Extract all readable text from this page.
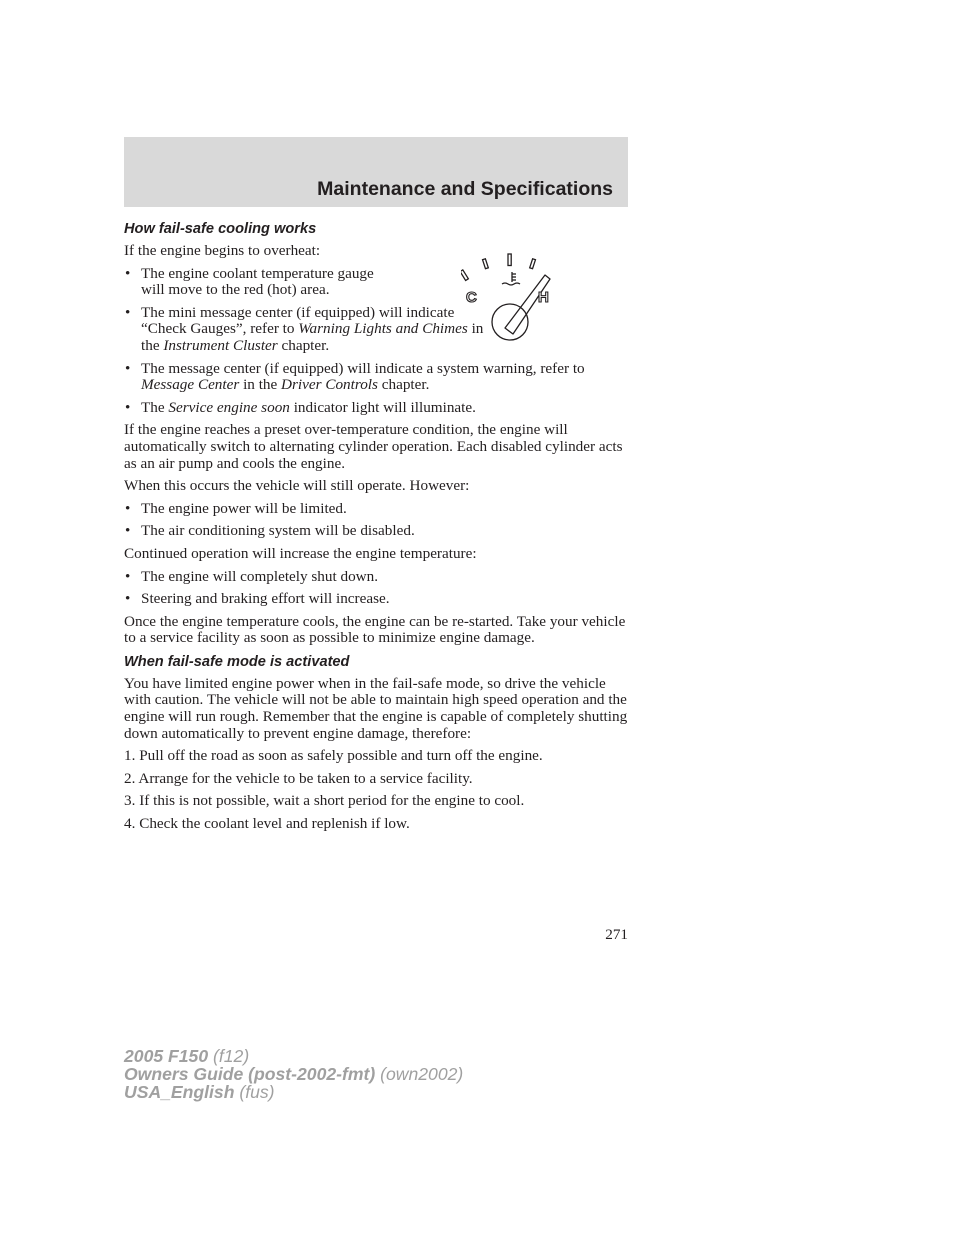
Maintenance and Specifications
C	H
How fail-safe cooling works

If the engine begins to overheat:

• The engine coolant temperature gauge will move to the red (hot) area.
• The mini message center (if equipped) will indicate “Check Gauges”, refer to Warning Lights and Chimes in the Instrument Cluster chapter.
• The message center (if equipped) will indicate a system warning, refer to Message Center in the Driver Controls chapter.
• The Service engine soon indicator light will illuminate.

If the engine reaches a preset over-temperature condition, the engine will automatically switch to alternating cylinder operation. Each disabled cylinder acts as an air pump and cools the engine.

When this occurs the vehicle will still operate. However:

• The engine power will be limited.
• The air conditioning system will be disabled.

Continued operation will increase the engine temperature:

• The engine will completely shut down.
• Steering and braking effort will increase.

Once the engine temperature cools, the engine can be re-started. Take your vehicle to a service facility as soon as possible to minimize engine damage.

When fail-safe mode is activated

You have limited engine power when in the fail-safe mode, so drive the vehicle with caution. The vehicle will not be able to maintain high speed operation and the engine will run rough. Remember that the engine is capable of completely shutting down automatically to prevent engine damage, therefore:

1. Pull off the road as soon as safely possible and turn off the engine.
2. Arrange for the vehicle to be taken to a service facility.
3. If this is not possible, wait a short period for the engine to cool.
4. Check the coolant level and replenish if low.
271
2005 F150 (f12)
Owners Guide (post-2002-fmt) (own2002)
USA_English (fus)
